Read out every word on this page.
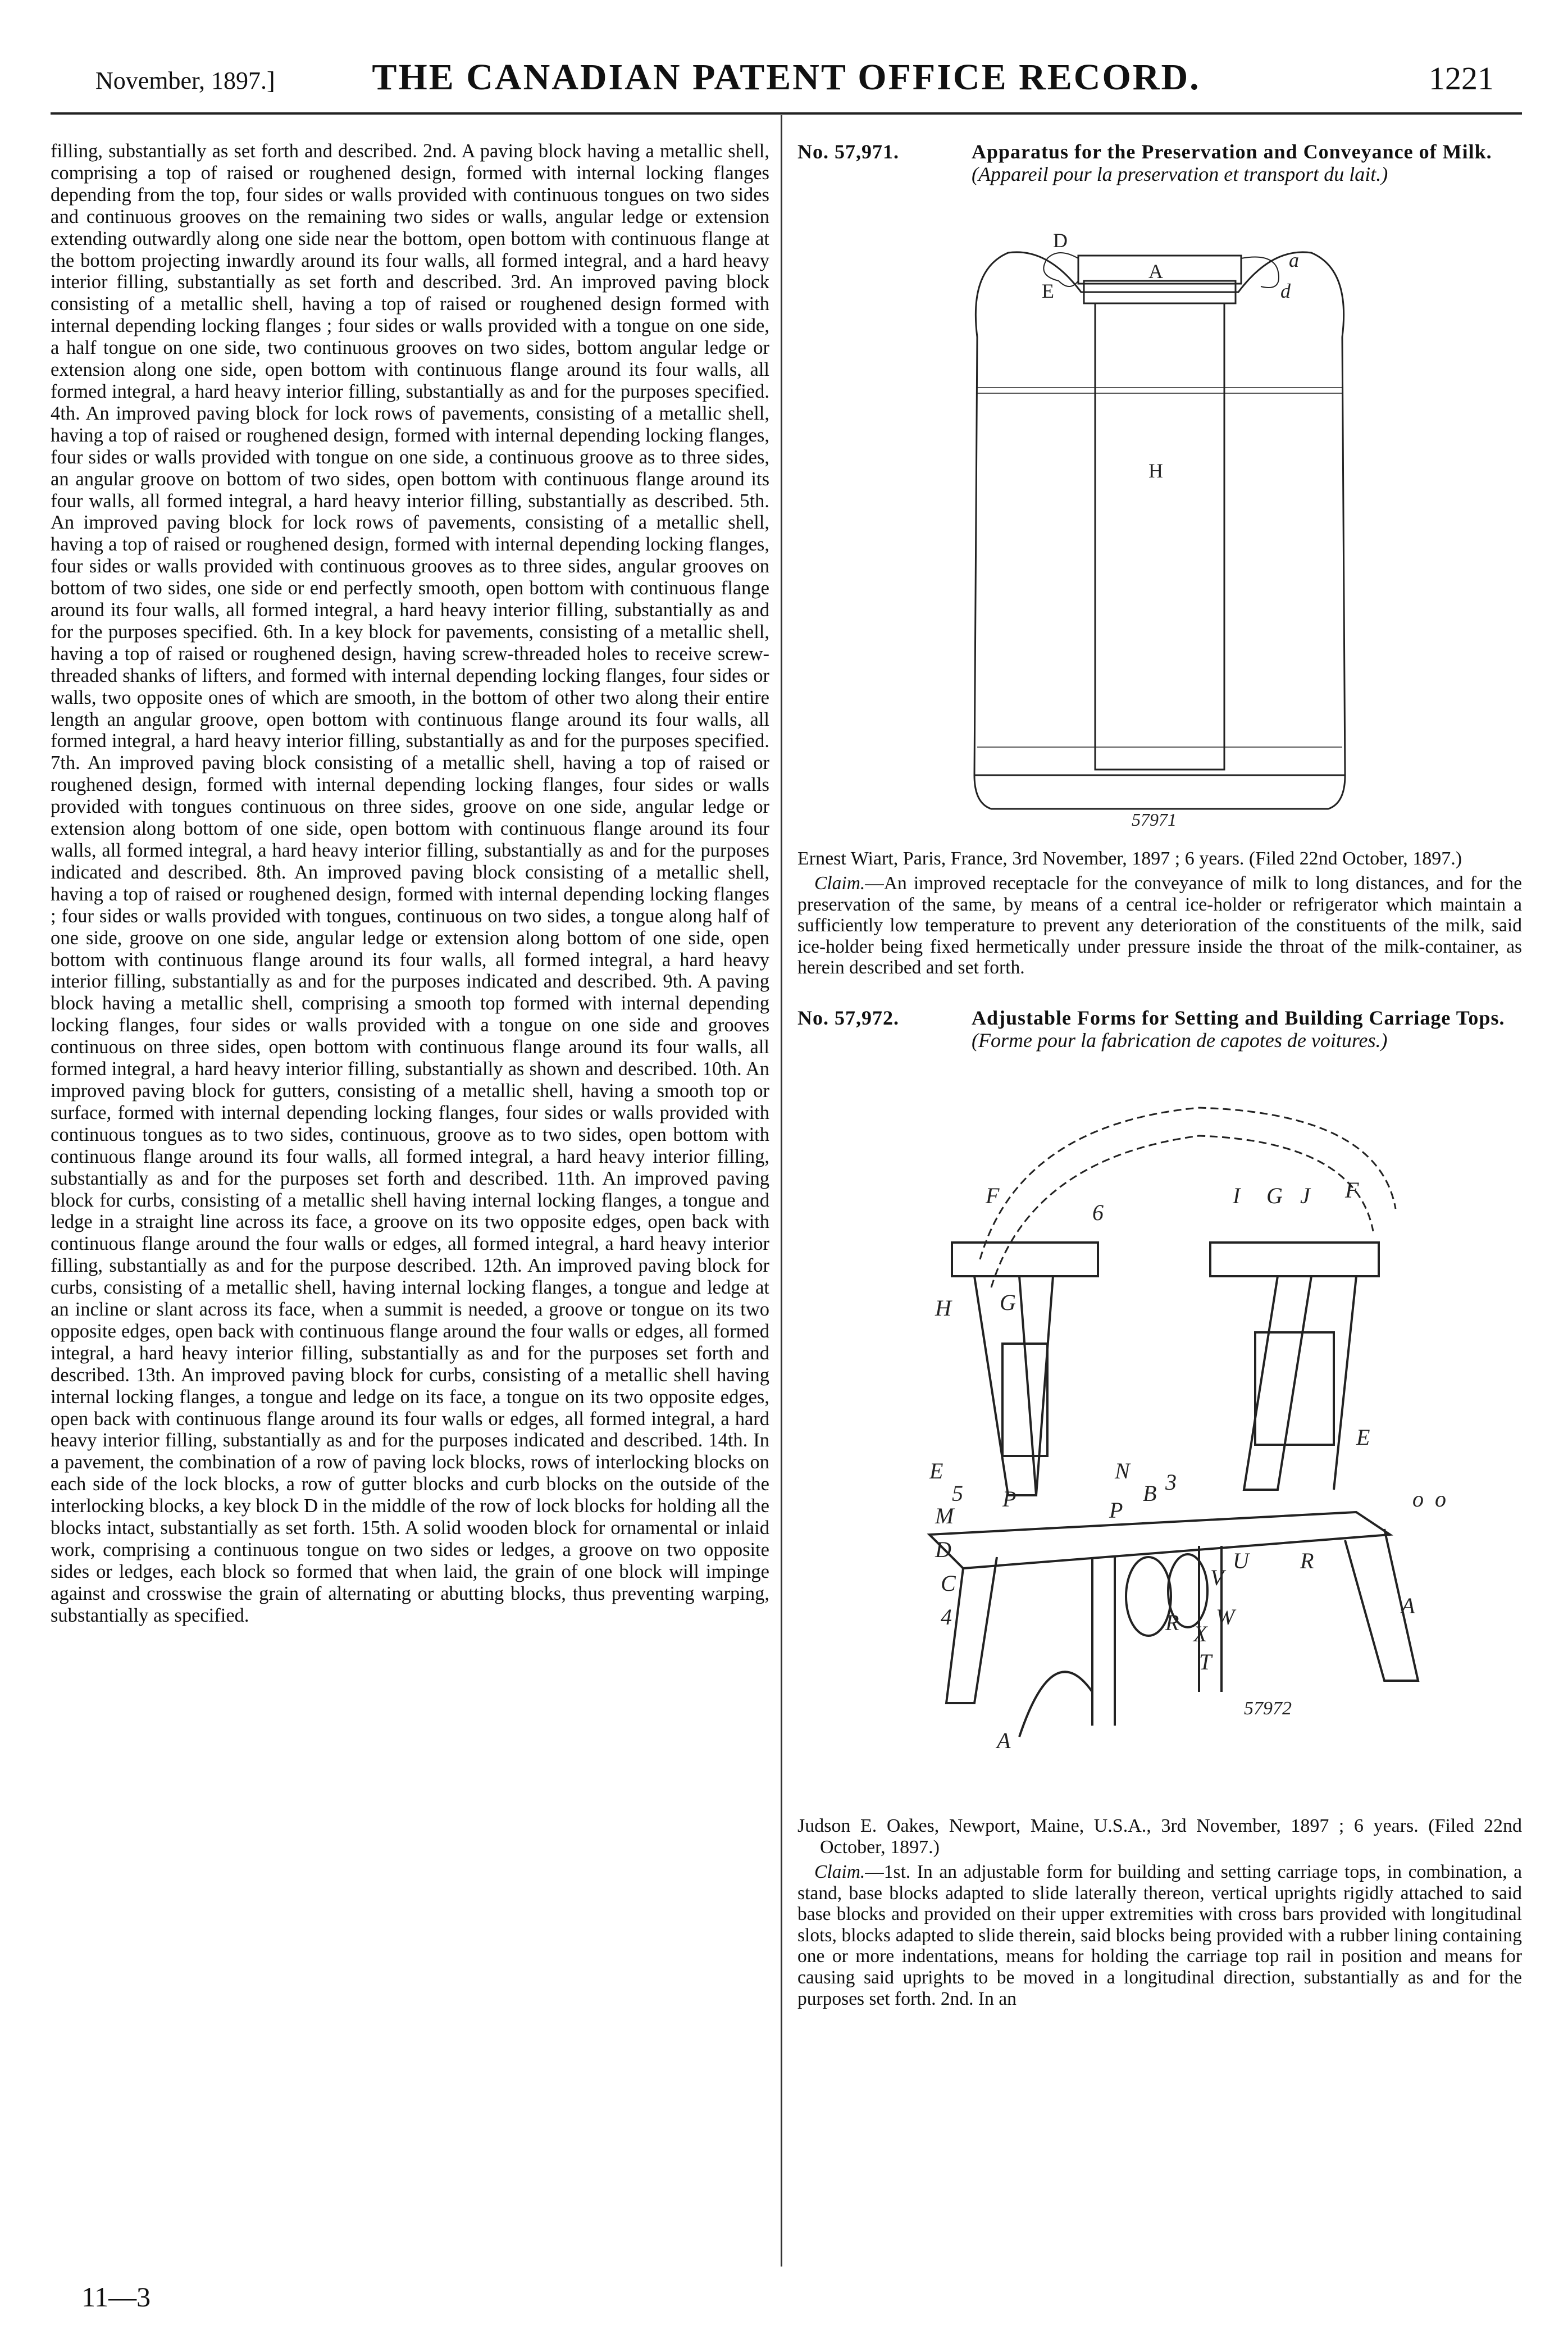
November, 1897.]	THE CANADIAN PATENT OFFICE RECORD.	1221

filling, substantially as set forth and described. 2nd. A paving block having a metallic shell, comprising a top of raised or roughened design, formed with internal locking flanges depending from the top, four sides or walls provided with continuous tongues on two sides and continuous grooves on the remaining two sides or walls, angular ledge or extension extending outwardly along one side near the bottom, open bottom with continuous flange at the bottom projecting inwardly around its four walls, all formed integral, and a hard heavy interior filling, substantially as set forth and described. 3rd. An improved paving block consisting of a metallic shell, having a top of raised or roughened design formed with internal depending locking flanges ; four sides or walls provided with a tongue on one side, a half tongue on one side, two continuous grooves on two sides, bottom angular ledge or extension along one side, open bottom with continuous flange around its four walls, all formed integral, a hard heavy interior filling, substantially as and for the purposes specified. 4th. An improved paving block for lock rows of pavements, consisting of a metallic shell, having a top of raised or roughened design, formed with internal depending locking flanges, four sides or walls provided with tongue on one side, a continuous groove as to three sides, an angular groove on bottom of two sides, open bottom with continuous flange around its four walls, all formed integral, a hard heavy interior filling, substantially as described. 5th. An improved paving block for lock rows of pavements, consisting of a metallic shell, having a top of raised or roughened design, formed with internal depending locking flanges, four sides or walls provided with continuous grooves as to three sides, angular grooves on bottom of two sides, one side or end perfectly smooth, open bottom with continuous flange around its four walls, all formed integral, a hard heavy interior filling, substantially as and for the purposes specified. 6th. In a key block for pavements, consisting of a metallic shell, having a top of raised or roughened design, having screw-threaded holes to receive screw-threaded shanks of lifters, and formed with internal depending locking flanges, four sides or walls, two opposite ones of which are smooth, in the bottom of other two along their entire length an angular groove, open bottom with continuous flange around its four walls, all formed integral, a hard heavy interior filling, substantially as and for the purposes specified. 7th. An improved paving block consisting of a metallic shell, having a top of raised or roughened design, formed with internal depending locking flanges, four sides or walls provided with tongues continuous on three sides, groove on one side, angular ledge or extension along bottom of one side, open bottom with continuous flange around its four walls, all formed integral, a hard heavy interior filling, substantially as and for the purposes indicated and described. 8th. An improved paving block consisting of a metallic shell, having a top of raised or roughened design, formed with internal depending locking flanges ; four sides or walls provided with tongues, continuous on two sides, a tongue along half of one side, groove on one side, angular ledge or extension along bottom of one side, open bottom with continuous flange around its four walls, all formed integral, a hard heavy interior filling, substantially as and for the purposes indicated and described. 9th. A paving block having a metallic shell, comprising a smooth top formed with internal depending locking flanges, four sides or walls provided with a tongue on one side and grooves continuous on three sides, open bottom with continuous flange around its four walls, all formed integral, a hard heavy interior filling, substantially as shown and described. 10th. An improved paving block for gutters, consisting of a metallic shell, having a smooth top or surface, formed with internal depending locking flanges, four sides or walls provided with continuous tongues as to two sides, continuous, groove as to two sides, open bottom with continuous flange around its four walls, all formed integral, a hard heavy interior filling, substantially as and for the purposes set forth and described. 11th. An improved paving block for curbs, consisting of a metallic shell having internal locking flanges, a tongue and ledge in a straight line across its face, a groove on its two opposite edges, open back with continuous flange around the four walls or edges, all formed integral, a hard heavy interior filling, substantially as and for the purpose described. 12th. An improved paving block for curbs, consisting of a metallic shell, having internal locking flanges, a tongue and ledge at an incline or slant across its face, when a summit is needed, a groove or tongue on its two opposite edges, open back with continuous flange around the four walls or edges, all formed integral, a hard heavy interior filling, substantially as and for the purposes set forth and described. 13th. An improved paving block for curbs, consisting of a metallic shell having internal locking flanges, a tongue and ledge on its face, a tongue on its two opposite edges, open back with continuous flange around its four walls or edges, all formed integral, a hard heavy interior filling, substantially as and for the purposes indicated and described. 14th. In a pavement, the combination of a row of paving lock blocks, rows of interlocking blocks on each side of the lock blocks, a row of gutter blocks and curb blocks on the outside of the interlocking blocks, a key block D in the middle of the row of lock blocks for holding all the blocks intact, substantially as set forth. 15th. A solid wooden block for ornamental or inlaid work, comprising a continuous tongue on two sides or ledges, a groove on two opposite sides or ledges, each block so formed that when laid, the grain of one block will impinge against and crosswise the grain of alternating or abutting blocks, thus preventing warping, substantially as specified.

11—3
No. 57,971.	Apparatus for the Preservation and Conveyance of Milk. (Appareil pour la preservation et transport du lait.)
D
A
E
a
d
H
57971

Ernest Wiart, Paris, France, 3rd November, 1897 ; 6 years. (Filed 22nd October, 1897.)

Claim.—An improved receptacle for the conveyance of milk to long distances, and for the preservation of the same, by means of a central ice-holder or refrigerator which maintain a sufficiently low temperature to prevent any deterioration of the constituents of the milk, said ice-holder being fixed hermetically under pressure inside the throat of the milk-container, as herein described and set forth.

No. 57,972.	Adjustable Forms for Setting and Building Carriage Tops. (Forme pour la fabrication de capotes de voitures.)
F
6
I G J F
H G
E
E	N 3
B
5 P	P
M
D	U R
C	V
4	W	A
R X
T
A
o o
57972

Judson E. Oakes, Newport, Maine, U.S.A., 3rd November, 1897 ; 6 years. (Filed 22nd October, 1897.)

Claim.—1st. In an adjustable form for building and setting carriage tops, in combination, a stand, base blocks adapted to slide laterally thereon, vertical uprights rigidly attached to said base blocks and provided on their upper extremities with cross bars provided with longitudinal slots, blocks adapted to slide therein, said blocks being provided with a rubber lining containing one or more indentations, means for holding the carriage top rail in position and means for causing said uprights to be moved in a longitudinal direction, substantially as and for the purposes set forth. 2nd. In an
